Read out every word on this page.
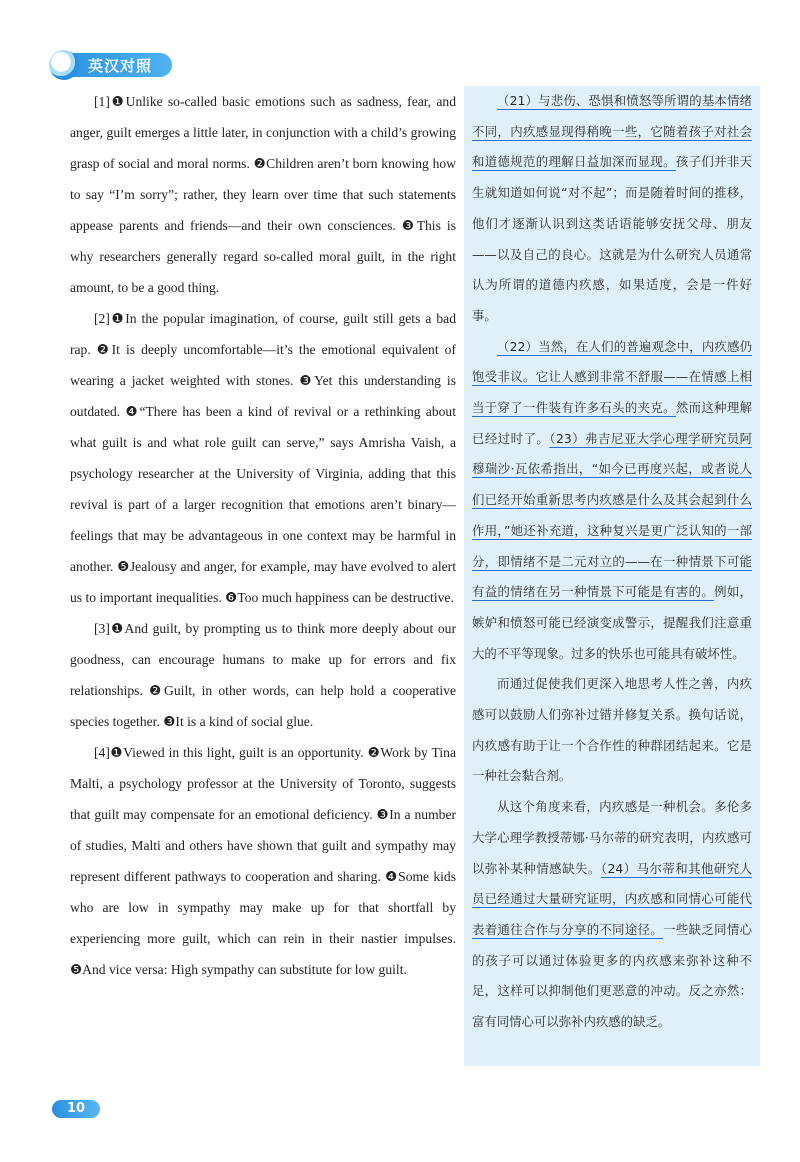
英汉对照

[1]❶Unlike so-called basic emotions such as sadness, fear, and anger, guilt emerges a little later, in conjunction with a child’s growing grasp of social and moral norms. ❷Children aren’t born knowing how to say “I’m sorry”; rather, they learn over time that such statements appease parents and friends—and their own consciences. ❸This is why researchers generally regard so-called moral guilt, in the right amount, to be a good thing.

[2]❶In the popular imagination, of course, guilt still gets a bad rap. ❷It is deeply uncomfortable—it’s the emotional equivalent of wearing a jacket weighted with stones. ❸Yet this understanding is outdated. ❹“There has been a kind of revival or a rethinking about what guilt is and what role guilt can serve,” says Amrisha Vaish, a psychology researcher at the University of Virginia, adding that this revival is part of a larger recognition that emotions aren’t binary—feelings that may be advantageous in one context may be harmful in another. ❺Jealousy and anger, for example, may have evolved to alert us to important inequalities. ❻Too much happiness can be destructive.

[3]❶And guilt, by prompting us to think more deeply about our goodness, can encourage humans to make up for errors and fix relationships. ❷Guilt, in other words, can help hold a cooperative species together. ❸It is a kind of social glue.

[4]❶Viewed in this light, guilt is an opportunity. ❷Work by Tina Malti, a psychology professor at the University of Toronto, suggests that guilt may compensate for an emotional deficiency. ❸In a number of studies, Malti and others have shown that guilt and sympathy may represent different pathways to cooperation and sharing. ❹Some kids who are low in sympathy may make up for that shortfall by experiencing more guilt, which can rein in their nastier impulses. ❺And vice versa: High sympathy can substitute for low guilt.

（21）与悲伤、恐惧和愤怒等所谓的基本情绪不同，内疚感显现得稍晚一些，它随着孩子对社会和道德规范的理解日益加深而显现。孩子们并非天生就知道如何说“对不起”；而是随着时间的推移，他们才逐渐认识到这类话语能够安抚父母、朋友——以及自己的良心。这就是为什么研究人员通常认为所谓的道德内疚感，如果适度，会是一件好事。

（22）当然，在人们的普遍观念中，内疚感仍饱受非议。它让人感到非常不舒服——在情感上相当于穿了一件装有许多石头的夹克。然而这种理解已经过时了。（23）弗吉尼亚大学心理学研究员阿穆瑞沙·瓦依希指出，“如今已再度兴起，或者说人们已经开始重新思考内疚感是什么及其会起到什么作用，”她还补充道，这种复兴是更广泛认知的一部分，即情绪不是二元对立的——在一种情景下可能有益的情绪在另一种情景下可能是有害的。例如，嫉妒和愤怒可能已经演变成警示，提醒我们注意重大的不平等现象。过多的快乐也可能具有破坏性。

而通过促使我们更深入地思考人性之善，内疚感可以鼓励人们弥补过错并修复关系。换句话说，内疚感有助于让一个合作性的种群团结起来。它是一种社会黏合剂。

从这个角度来看，内疚感是一种机会。多伦多大学心理学教授蒂娜·马尔蒂的研究表明，内疚感可以弥补某种情感缺失。（24）马尔蒂和其他研究人员已经通过大量研究证明，内疚感和同情心可能代表着通往合作与分享的不同途径。一些缺乏同情心的孩子可以通过体验更多的内疚感来弥补这种不足，这样可以抑制他们更恶意的冲动。反之亦然：富有同情心可以弥补内疚感的缺乏。

10
